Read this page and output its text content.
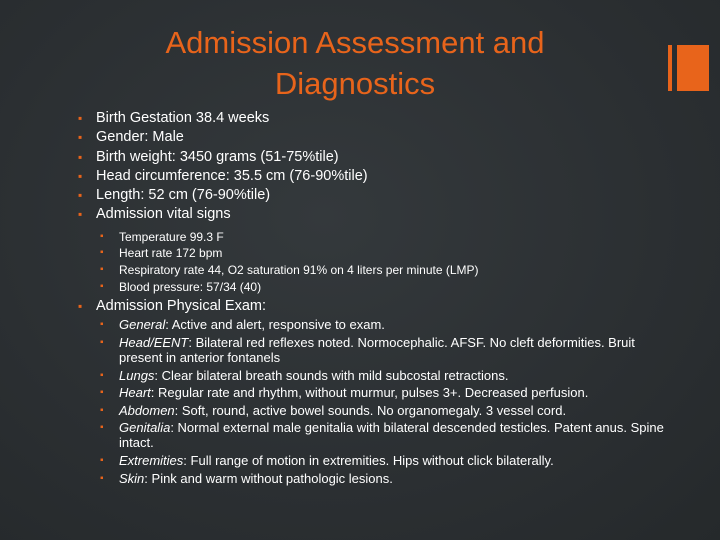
Admission Assessment and Diagnostics
▪ Birth Gestation 38.4 weeks
▪ Gender: Male
▪ Birth weight: 3450 grams (51-75%tile)
▪ Head circumference: 35.5 cm (76-90%tile)
▪ Length: 52 cm (76-90%tile)
▪ Admission vital signs
▪ Temperature 99.3 F
▪ Heart rate 172 bpm
▪ Respiratory rate 44, O2 saturation 91% on 4 liters per minute (LMP)
▪ Blood pressure: 57/34 (40)
▪ Admission Physical Exam:
▪ General: Active and alert, responsive to exam.
▪ Head/EENT: Bilateral red reflexes noted. Normocephalic. AFSF. No cleft deformities. Bruit present in anterior fontanels
▪ Lungs: Clear bilateral breath sounds with mild subcostal retractions.
▪ Heart: Regular rate and rhythm, without murmur, pulses 3+. Decreased perfusion.
▪ Abdomen: Soft, round, active bowel sounds. No organomegaly. 3 vessel cord.
▪ Genitalia: Normal external male genitalia with bilateral descended testicles. Patent anus. Spine intact.
▪ Extremities: Full range of motion in extremities. Hips without click bilaterally.
▪ Skin: Pink and warm without pathologic lesions.
